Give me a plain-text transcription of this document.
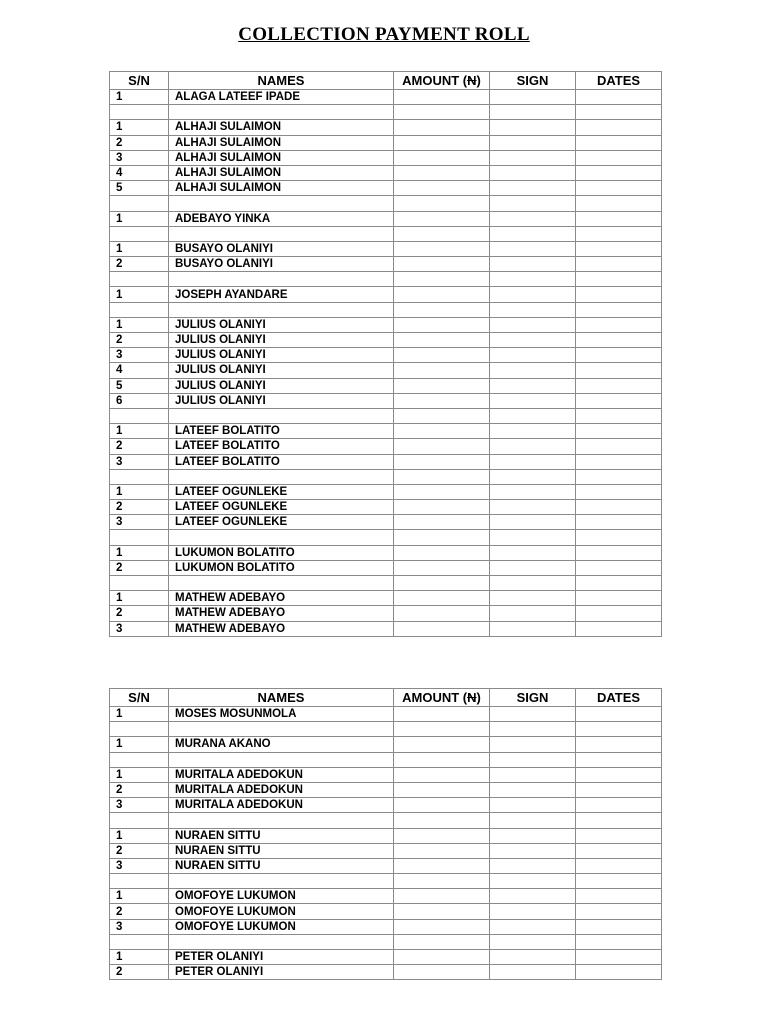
COLLECTION PAYMENT ROLL
S/N	NAMES	AMOUNT (N)	SIGN	DATES
1	ALAGA LATEEF IPADE			

1	ALHAJI SULAIMON			
2	ALHAJI SULAIMON			
3	ALHAJI SULAIMON			
4	ALHAJI SULAIMON			
5	ALHAJI SULAIMON			

1	ADEBAYO YINKA			

1	BUSAYO OLANIYI			
2	BUSAYO OLANIYI			

1	JOSEPH AYANDARE			

1	JULIUS OLANIYI			
2	JULIUS OLANIYI			
3	JULIUS OLANIYI			
4	JULIUS OLANIYI			
5	JULIUS OLANIYI			
6	JULIUS OLANIYI			

1	LATEEF BOLATITO			
2	LATEEF BOLATITO			
3	LATEEF BOLATITO			

1	LATEEF OGUNLEKE			
2	LATEEF OGUNLEKE			
3	LATEEF OGUNLEKE			

1	LUKUMON BOLATITO			
2	LUKUMON BOLATITO			

1	MATHEW ADEBAYO			
2	MATHEW ADEBAYO			
3	MATHEW ADEBAYO			
S/N	NAMES	AMOUNT (N)	SIGN	DATES
1	MOSES MOSUNMOLA			

1	MURANA AKANO			

1	MURITALA ADEDOKUN			
2	MURITALA ADEDOKUN			
3	MURITALA ADEDOKUN			

1	NURAEN SITTU			
2	NURAEN SITTU			
3	NURAEN SITTU			

1	OMOFOYE LUKUMON			
2	OMOFOYE LUKUMON			
3	OMOFOYE LUKUMON			

1	PETER OLANIYI			
2	PETER OLANIYI			
